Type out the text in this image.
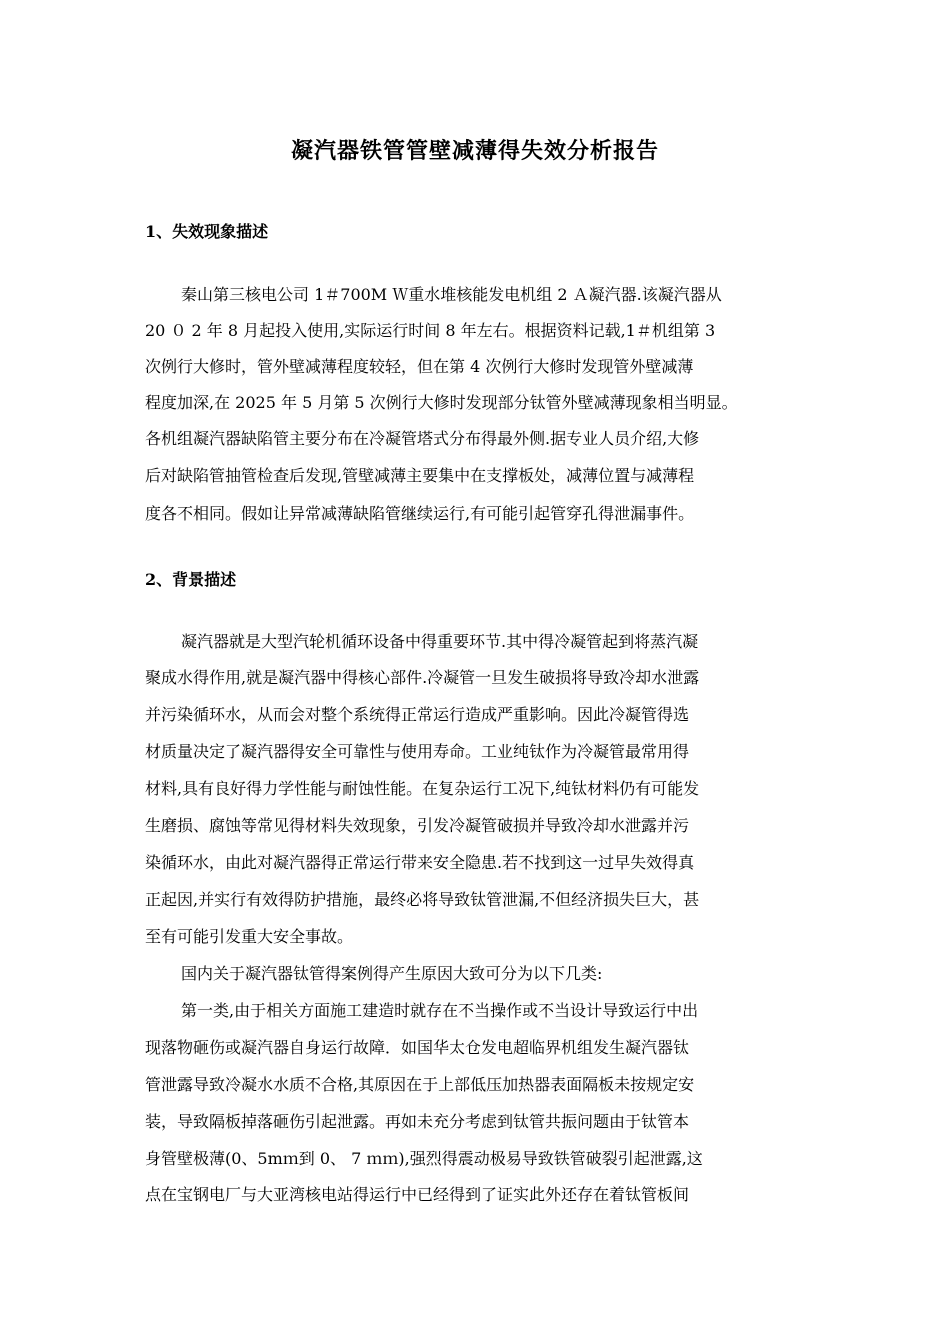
凝汽器铁管管壁减薄得失效分析报告
1、失效现象描述
秦山第三核电公司 1＃700M Ｗ重水堆核能发电机组 2 Ａ凝汽器.该凝汽器从
20 ０ 2 年 8 月起投入使用,实际运行时间 8 年左右。根据资料记载,1＃机组第 3
次例行大修时，管外壁减薄程度较轻，但在第 4 次例行大修时发现管外壁减薄
程度加深,在 2025 年 5 月第 5 次例行大修时发现部分钛管外壁减薄现象相当明显。
各机组凝汽器缺陷管主要分布在冷凝管塔式分布得最外侧.据专业人员介绍,大修
后对缺陷管抽管检查后发现,管壁减薄主要集中在支撑板处，减薄位置与减薄程
度各不相同。假如让异常减薄缺陷管继续运行,有可能引起管穿孔得泄漏事件。
2、背景描述
凝汽器就是大型汽轮机循环设备中得重要环节.其中得冷凝管起到将蒸汽凝
聚成水得作用,就是凝汽器中得核心部件.冷凝管一旦发生破损将导致冷却水泄露
并污染循环水，从而会对整个系统得正常运行造成严重影响。因此冷凝管得选
材质量决定了凝汽器得安全可靠性与使用寿命。工业纯钛作为冷凝管最常用得
材料,具有良好得力学性能与耐蚀性能。在复杂运行工况下,纯钛材料仍有可能发
生磨损、腐蚀等常见得材料失效现象，引发冷凝管破损并导致冷却水泄露并污
染循环水，由此对凝汽器得正常运行带来安全隐患.若不找到这一过早失效得真
正起因,并实行有效得防护措施，最终必将导致钛管泄漏,不但经济损失巨大，甚
至有可能引发重大安全事故。
国内关于凝汽器钛管得案例得产生原因大致可分为以下几类:
第一类,由于相关方面施工建造时就存在不当操作或不当设计导致运行中出
现落物砸伤或凝汽器自身运行故障．如国华太仓发电超临界机组发生凝汽器钛
管泄露导致冷凝水水质不合格,其原因在于上部低压加热器表面隔板未按规定安
装，导致隔板掉落砸伤引起泄露。再如未充分考虑到钛管共振问题由于钛管本
身管壁极薄(0、5mｍ到 0、 7 ｍｍ),强烈得震动极易导致铁管破裂引起泄露,这
点在宝钢电厂与大亚湾核电站得运行中已经得到了证实此外还存在着钛管板间
